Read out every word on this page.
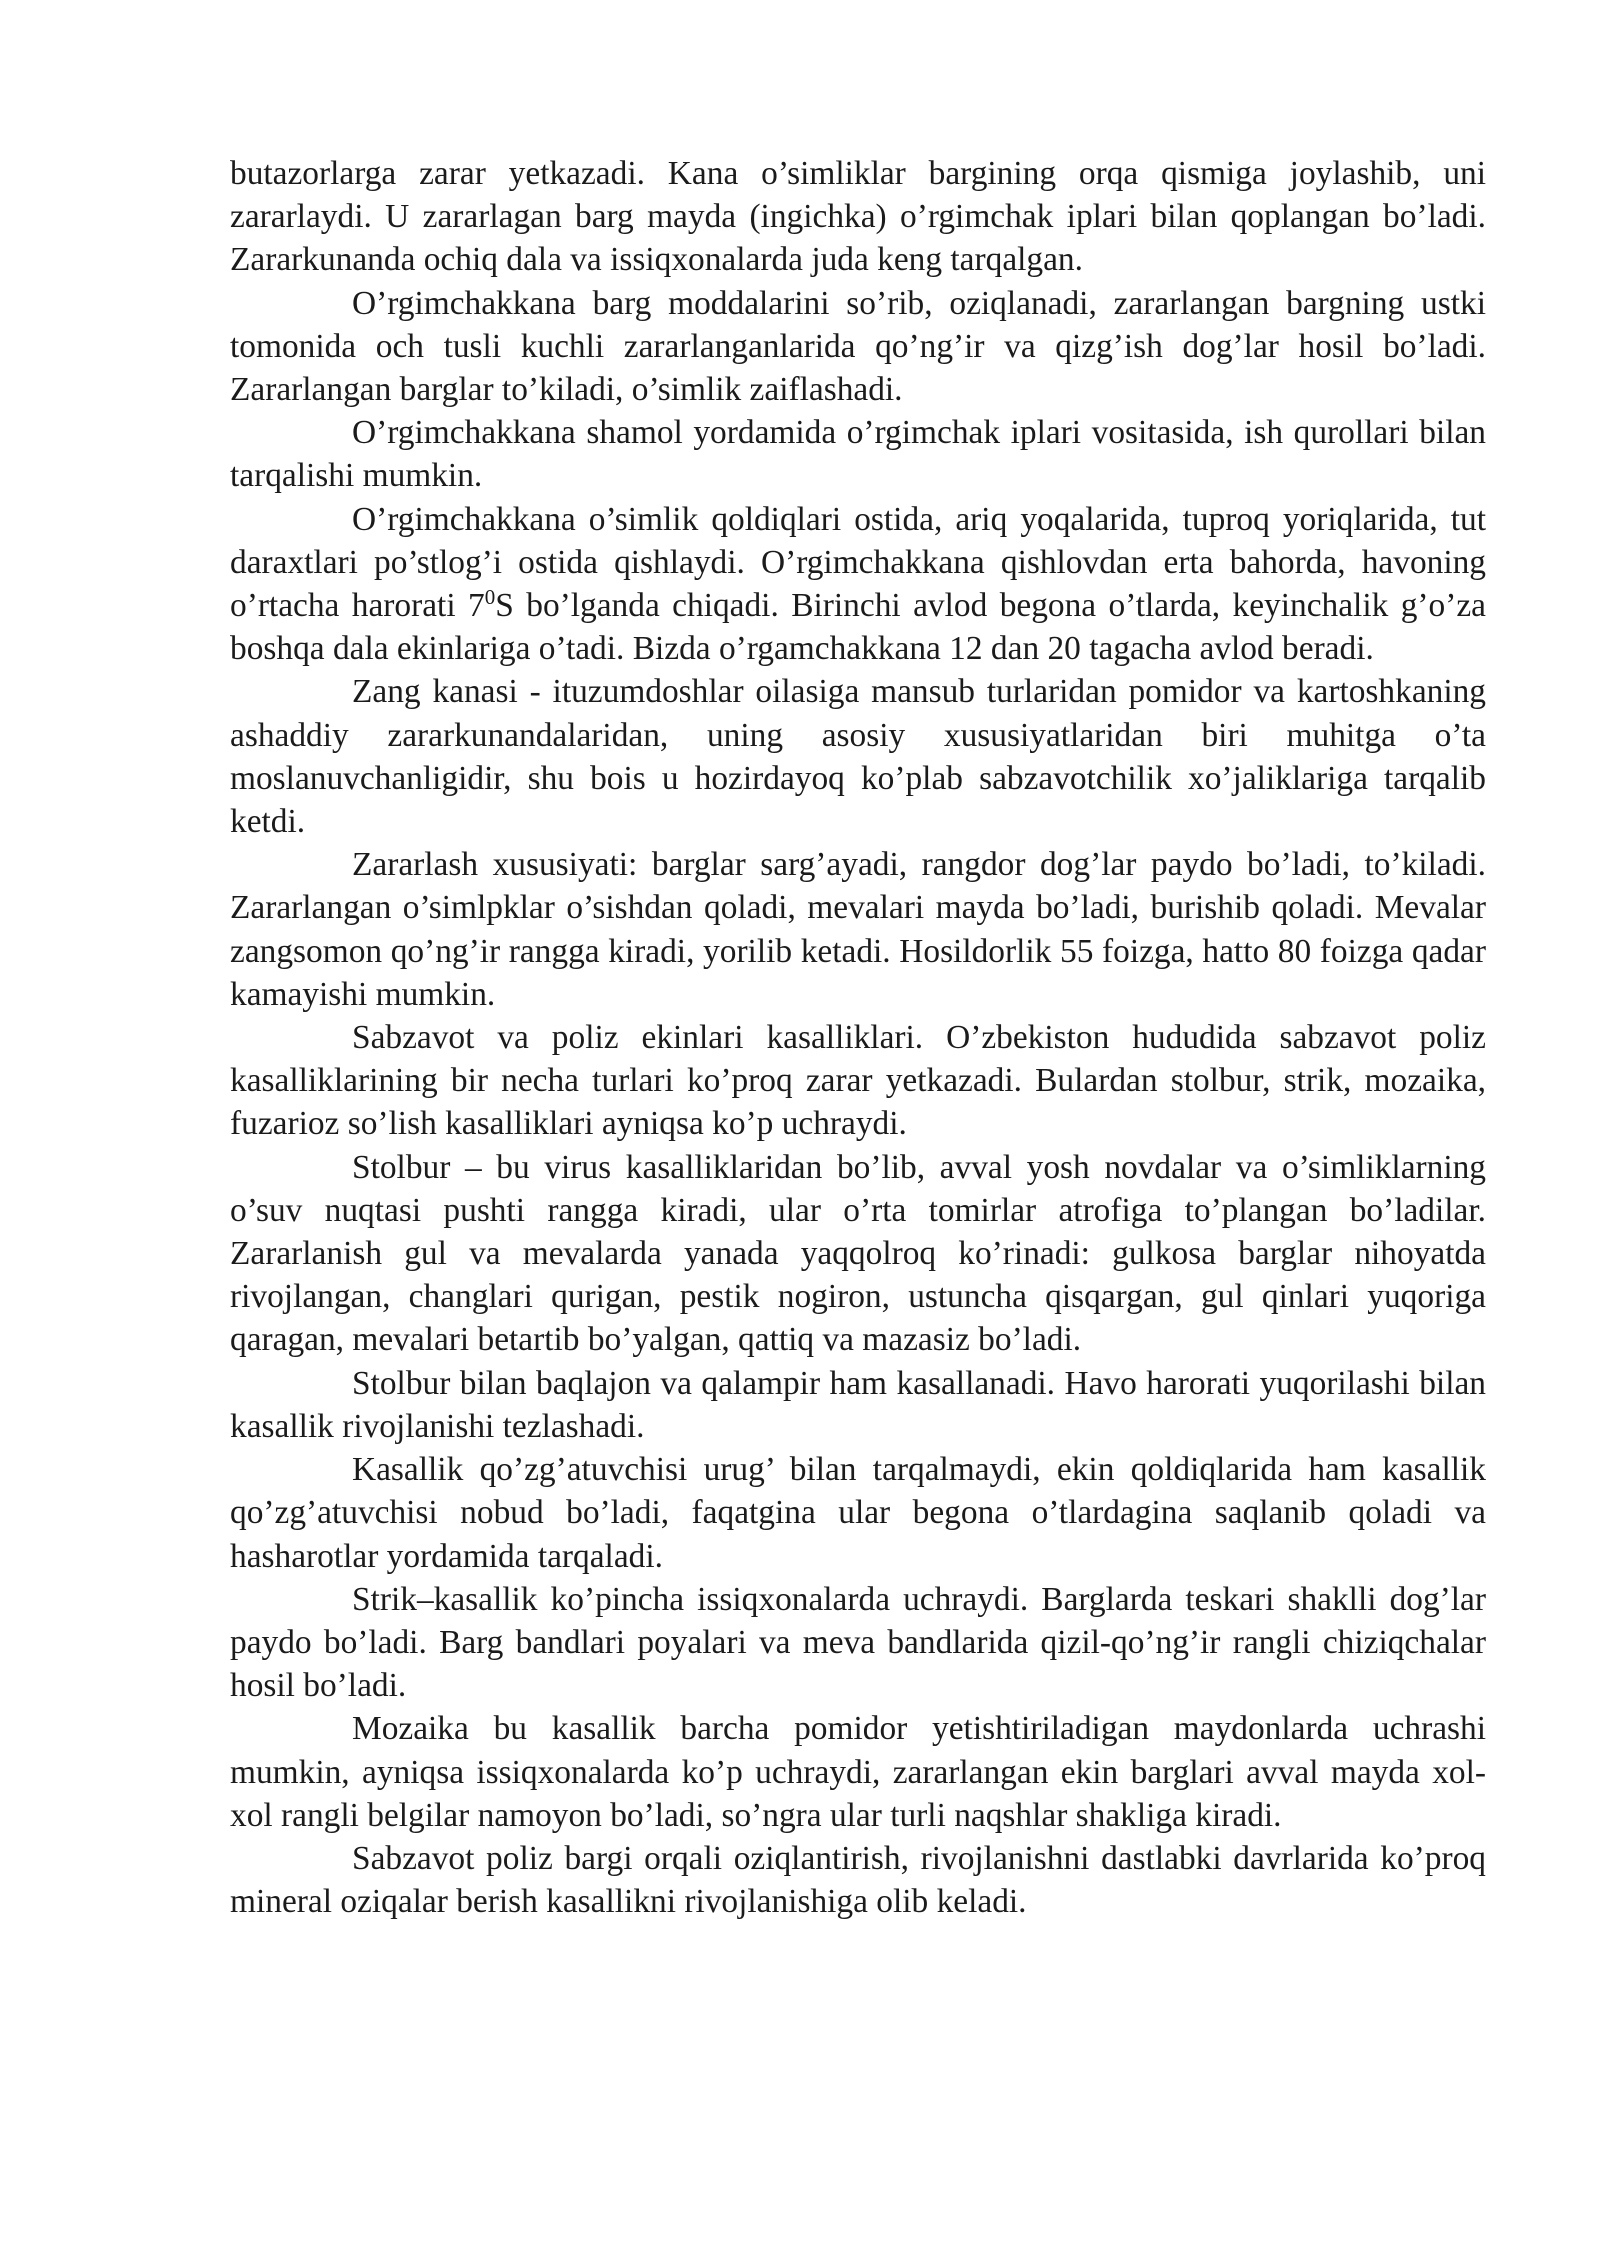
butazorlarga zarar yetkazadi. Kana o’simliklar bargining orqa qismiga joylashib, uni zararlaydi. U zararlagan barg mayda (ingichka) o’rgimchak iplari bilan qoplangan bo’ladi. Zararkunanda ochiq dala va issiqxonalarda juda keng tarqalgan.

O’rgimchakkana barg moddalarini so’rib, oziqlanadi, zararlangan bargning ustki tomonida och tusli kuchli zararlanganlarida qo’ng’ir va qizg’ish dog’lar hosil bo’ladi. Zararlangan barglar to’kiladi, o’simlik zaiflashadi.

O’rgimchakkana shamol yordamida o’rgimchak iplari vositasida, ish qurollari bilan tarqalishi mumkin.

O’rgimchakkana o’simlik qoldiqlari ostida, ariq yoqalarida, tuproq yoriqlarida, tut daraxtlari po’stlog’i ostida qishlaydi. O’rgimchakkana qishlovdan erta bahorda, havoning o’rtacha harorati $7^0S$ bo’lganda chiqadi. Birinchi avlod begona o’tlarda, keyinchalik g’o’za boshqa dala ekinlariga o’tadi. Bizda o’rgamchakkana 12 dan 20 tagacha avlod beradi.

Zang kanasi - ituzumdoshlar oilasiga mansub turlaridan pomidor va kartoshkaning ashaddiy zararkunandalaridan, uning asosiy xususiyatlaridan biri muhitga o’ta moslanuvchanligidir, shu bois u hozirdayoq ko’plab sabzavotchilik xo’jaliklariga tarqalib ketdi.

Zararlash xususiyati: barglar sarg’ayadi, rangdor dog’lar paydo bo’ladi, to’kiladi. Zararlangan o’simlpklar o’sishdan qoladi, mevalari mayda bo’ladi, burishib qoladi. Mevalar zangsomon qo’ng’ir rangga kiradi, yorilib ketadi. Hosildorlik 55 foizga, hatto 80 foizga qadar kamayishi mumkin.

Sabzavot va poliz ekinlari kasalliklari. O’zbekiston hududida sabzavot poliz kasalliklarining bir necha turlari ko’proq zarar yetkazadi. Bulardan stolbur, strik, mozaika, fuzarioz so’lish kasalliklari ayniqsa ko’p uchraydi.

Stolbur – bu virus kasalliklaridan bo’lib, avval yosh novdalar va o’simliklarning o’suv nuqtasi pushti rangga kiradi, ular o’rta tomirlar atrofiga to’plangan bo’ladilar. Zararlanish gul va mevalarda yanada yaqqolroq ko’rinadi: gulkosa barglar nihoyatda rivojlangan, changlari qurigan, pestik nogiron, ustuncha qisqargan, gul qinlari yuqoriga qaragan, mevalari betartib bo’yalgan, qattiq va mazasiz bo’ladi.

Stolbur bilan baqlajon va qalampir ham kasallanadi. Havo harorati yuqorilashi bilan kasallik rivojlanishi tezlashadi.

Kasallik qo’zg’atuvchisi urug’ bilan tarqalmaydi, ekin qoldiqlarida ham kasallik qo’zg’atuvchisi nobud bo’ladi, faqatgina ular begona o’tlardagina saqlanib qoladi va hasharotlar yordamida tarqaladi.

Strik–kasallik ko’pincha issiqxonalarda uchraydi. Barglarda teskari shaklli dog’lar paydo bo’ladi. Barg bandlari poyalari va meva bandlarida qizil-qo’ng’ir rangli chiziqchalar hosil bo’ladi.

Mozaika bu kasallik barcha pomidor yetishtiriladigan maydonlarda uchrashi mumkin, ayniqsa issiqxonalarda ko’p uchraydi, zararlangan ekin barglari avval mayda xol-xol rangli belgilar namoyon bo’ladi, so’ngra ular turli naqshlar shakliga kiradi.

Sabzavot poliz bargi orqali oziqlantirish, rivojlanishni dastlabki davrlarida ko’proq mineral oziqalar berish kasallikni rivojlanishiga olib keladi.
